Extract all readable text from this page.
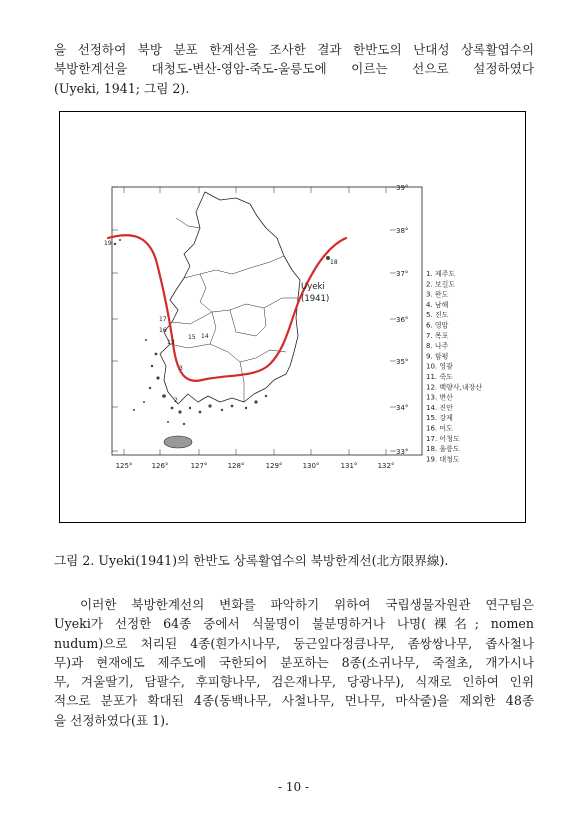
을 선정하여 북방 분포 한계선을 조사한 결과 한반도의 난대성 상록활엽수의

북방한계선을 대청도-변산-영암-죽도-울릉도에 이르는 선으로 설정하였다

(Uyeki, 1941; 그림 2).

39°
38°
37°
36°
35°
34°
33°
125°	126°	127°	128°	129°	130°	131°	132°
Uyeki
(1941)
19
18
16
17
15 14
13
3
2
1. 제주도
2. 보길도
3. 완도
4. 남해
5. 진도
6. 영암
7. 목포
8. 나주
9. 함평
10. 영광
11. 죽도
12. 백양사,내장산
13. 변산
14. 진안
15. 강제
16. 미도
17. 어청도
18. 울릉도
19. 대청도
그림 2. Uyeki(1941)의 한반도 상록활엽수의 북방한계선(北方限界線).

이러한 북방한계선의 변화를 파악하기 위하여 국립생물자원관 연구팀은

Uyeki가 선정한 64종 중에서 식물명이 불분명하거나 나명(裸名; nomen

nudum)으로 처리된 4종(흰가시나무, 둥근잎다정큼나무, 좀쌍쌍나무, 좁사철나

무)과 현재에도 제주도에 국한되어 분포하는 8종(소귀나무, 죽절초, 개가시나

무, 겨울딸기, 담팔수, 후피향나무, 검은재나무, 당광나무), 식재로 인하여 인위

적으로 분포가 확대된 4종(동백나무, 사철나무, 먼나무, 마삭줄)을 제외한 48종

을 선정하였다(표 1).

- 10 -
